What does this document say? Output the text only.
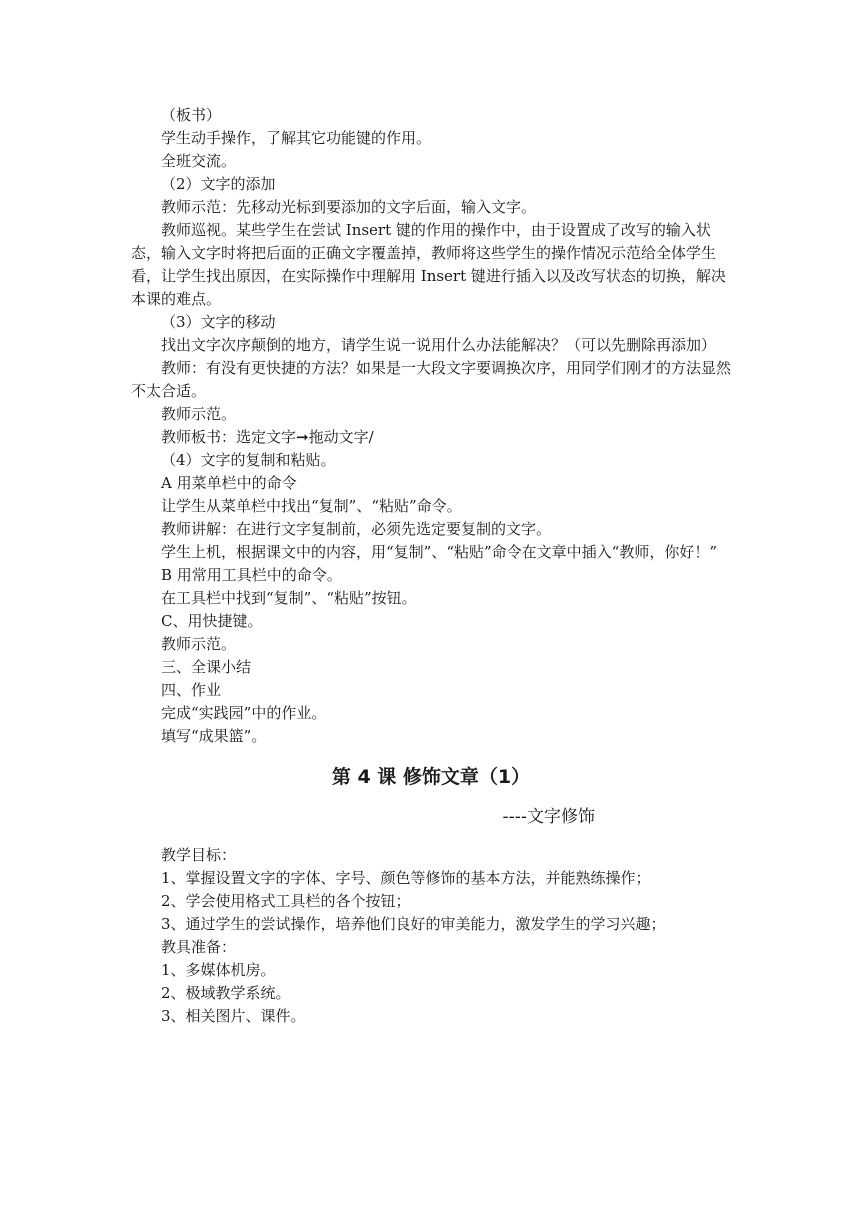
（板书）

学生动手操作，了解其它功能键的作用。

全班交流。

（2）文字的添加

教师示范：先移动光标到要添加的文字后面，输入文字。

教师巡视。某些学生在尝试 Insert 键的作用的操作中，由于设置成了改写的输入状态，输入文字时将把后面的正确文字覆盖掉，教师将这些学生的操作情况示范给全体学生看，让学生找出原因，在实际操作中理解用 Insert 键进行插入以及改写状态的切换，解决本课的难点。

（3）文字的移动

找出文字次序颠倒的地方，请学生说一说用什么办法能解决？（可以先删除再添加）

教师：有没有更快捷的方法？如果是一大段文字要调换次序，用同学们刚才的方法显然不太合适。

教师示范。

教师板书：选定文字➞拖动文字/

（4）文字的复制和粘贴。

A 用菜单栏中的命令

让学生从菜单栏中找出“复制”、“粘贴”命令。

教师讲解：在进行文字复制前，必须先选定要复制的文字。

学生上机，根据课文中的内容，用“复制”、“粘贴”命令在文章中插入“教师，你好！”

B 用常用工具栏中的命令。

在工具栏中找到“复制”、“粘贴”按钮。

C、用快捷键。

教师示范。

三、全课小结

四、作业

完成“实践园”中的作业。

填写“成果篮”。

第 4 课 修饰文章（1）
----文字修饰

教学目标：

1、掌握设置文字的字体、字号、颜色等修饰的基本方法，并能熟练操作；

2、学会使用格式工具栏的各个按钮；

3、通过学生的尝试操作，培养他们良好的审美能力，激发学生的学习兴趣；

教具准备：

1、多媒体机房。

2、极域教学系统。

3、相关图片、课件。
